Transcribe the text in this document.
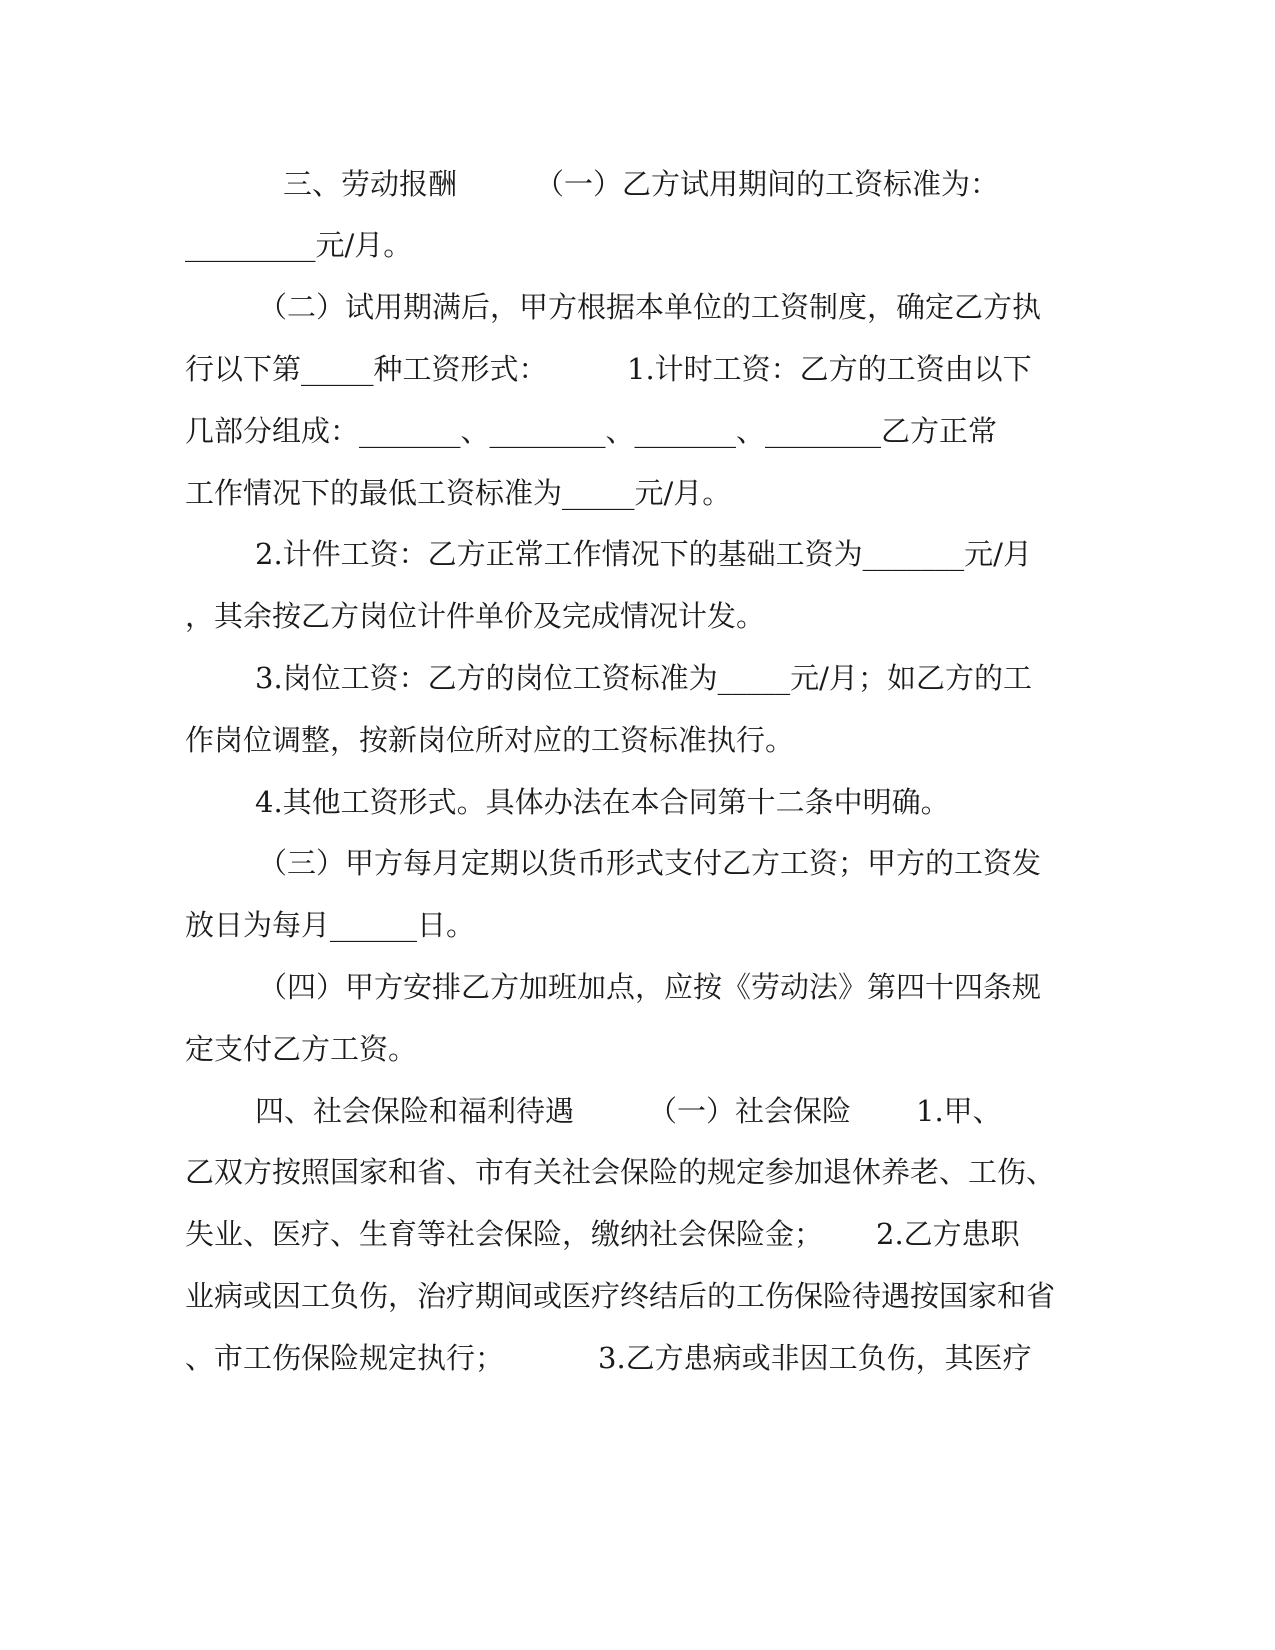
三、劳动报酬

	（一）乙方试用期间的工资标准为：

_________元/月。

（二）试用期满后，甲方根据本单位的工资制度，确定乙方执

行以下第_____种工资形式：

	1.计时工资：乙方的工资由以下

几部分组成：_______、________、_______、________乙方正常

工作情况下的最低工资标准为_____元/月。

2.计件工资：乙方正常工作情况下的基础工资为_______元/月

，其余按乙方岗位计件单价及完成情况计发。

3.岗位工资：乙方的岗位工资标准为_____元/月；如乙方的工

作岗位调整，按新岗位所对应的工资标准执行。

4.其他工资形式。具体办法在本合同第十二条中明确。

（三）甲方每月定期以货币形式支付乙方工资；甲方的工资发

放日为每月______日。

（四）甲方安排乙方加班加点，应按《劳动法》第四十四条规

定支付乙方工资。

四、社会保险和福利待遇

	（一）社会保险

1.甲、

乙双方按照国家和省、市有关社会保险的规定参加退休养老、工伤、

失业、医疗、生育等社会保险，缴纳社会保险金；

2.乙方患职

业病或因工负伤，治疗期间或医疗终结后的工伤保险待遇按国家和省

、市工伤保险规定执行；

	3.乙方患病或非因工负伤，其医疗
